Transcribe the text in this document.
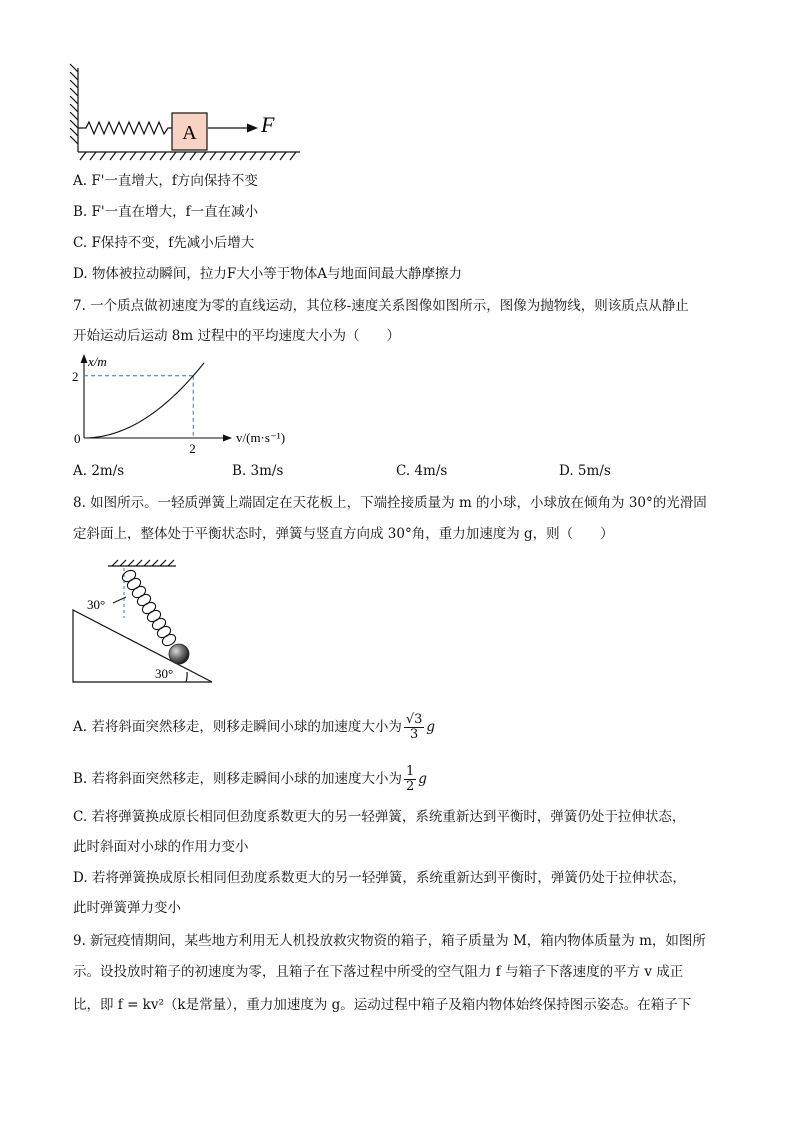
A	F
A. F'一直增大，f方向保持不变
B. F'一直在增大，f一直在减小
C. F保持不变，f先减小后增大
D. 物体被拉动瞬间，拉力F大小等于物体A与地面间最大静摩擦力
7. 一个质点做初速度为零的直线运动，其位移-速度关系图像如图所示，图像为抛物线，则该质点从静止
开始运动后运动 8m 过程中的平均速度大小为（　　）
x/m
v/(m·s⁻¹)
0
2
2
A. 2m/s	B. 3m/s	C. 4m/s	D. 5m/s
8. 如图所示。一轻质弹簧上端固定在天花板上，下端拴接质量为 m 的小球，小球放在倾角为 30°的光滑固
定斜面上，整体处于平衡状态时，弹簧与竖直方向成 30°角，重力加速度为 g，则（　　）
30°
30°
A. 若将斜面突然移走，则移走瞬间小球的加速度大小为 $\frac{√3}{3}$ g
B. 若将斜面突然移走，则移走瞬间小球的加速度大小为 $\frac{1}{2}$ g
C. 若将弹簧换成原长相同但劲度系数更大的另一轻弹簧，系统重新达到平衡时，弹簧仍处于拉伸状态，
此时斜面对小球的作用力变小
D. 若将弹簧换成原长相同但劲度系数更大的另一轻弹簧，系统重新达到平衡时，弹簧仍处于拉伸状态，
此时弹簧弹力变小
9. 新冠疫情期间，某些地方利用无人机投放救灾物资的箱子，箱子质量为 M，箱内物体质量为 m，如图所
示。设投放时箱子的初速度为零，且箱子在下落过程中所受的空气阻力 f 与箱子下落速度的平方 v 成正
比，即 f = kv²（k是常量），重力加速度为 g。运动过程中箱子及箱内物体始终保持图示姿态。在箱子下
